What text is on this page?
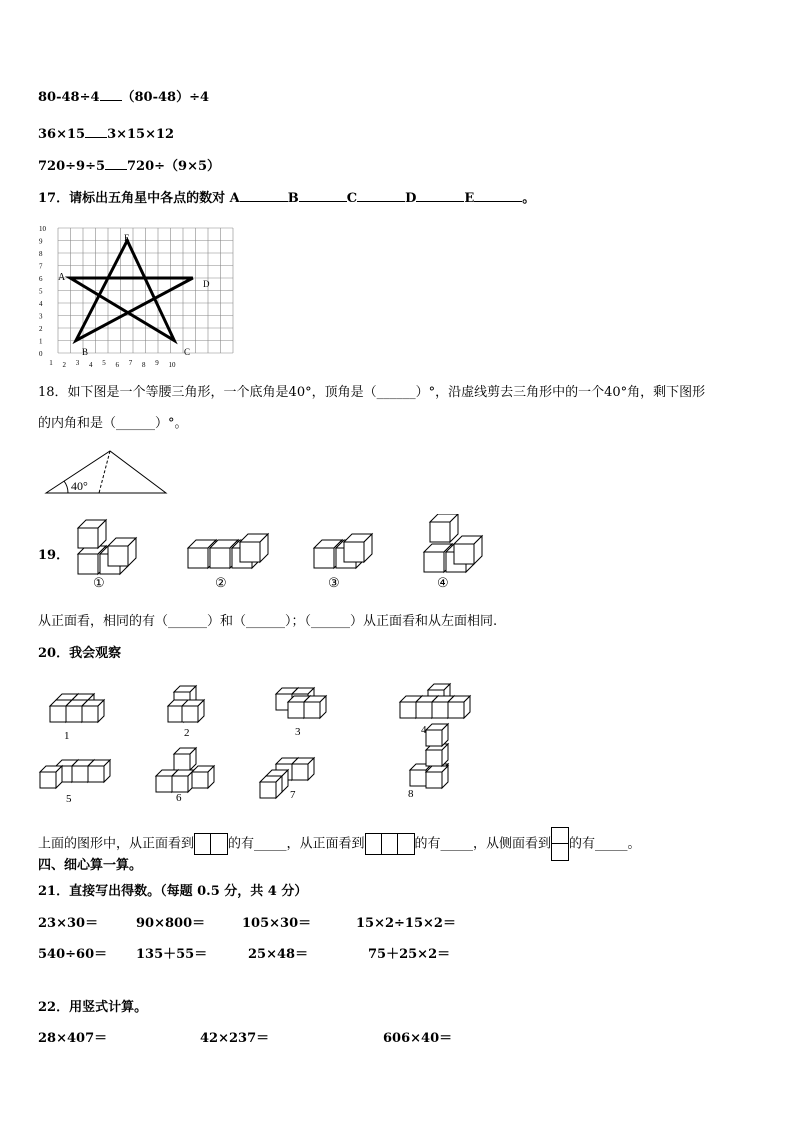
80-48÷4 （80-48）÷4
36×15 3×15×12
720÷9÷5 720÷（9×5）
17．请标出五角星中各点的数对 A	B	C	D	E	。
10
9
8
7
6
5
4
3
2
1
0
1 2 3 4 5 6 7 8 9 10
A
B	C
D
E
18．如下图是一个等腰三角形，一个底角是40°，顶角是（______）°，沿虚线剪去三角形中的一个40°角，剩下图形
的内角和是（______）°。
40°
19．
①	②	③	④
从正面看，相同的有（______）和（______）；（______）从正面看和从左面相同.
20．我会观察
1	2	3	4
5	6	7	8
上面的图形中，从正面看到	的有_____，从正面看到	的有_____，从侧面看到 的有_____。
四、细心算一算。
21．直接写出得数。（每题 0.5 分，共 4 分）
23×30＝	90×800＝	105×30＝	15×2÷15×2＝
540÷60＝ 135＋55＝	25×48＝	75＋25×2＝
22．用竖式计算。
28×407＝	42×237＝	606×40＝
